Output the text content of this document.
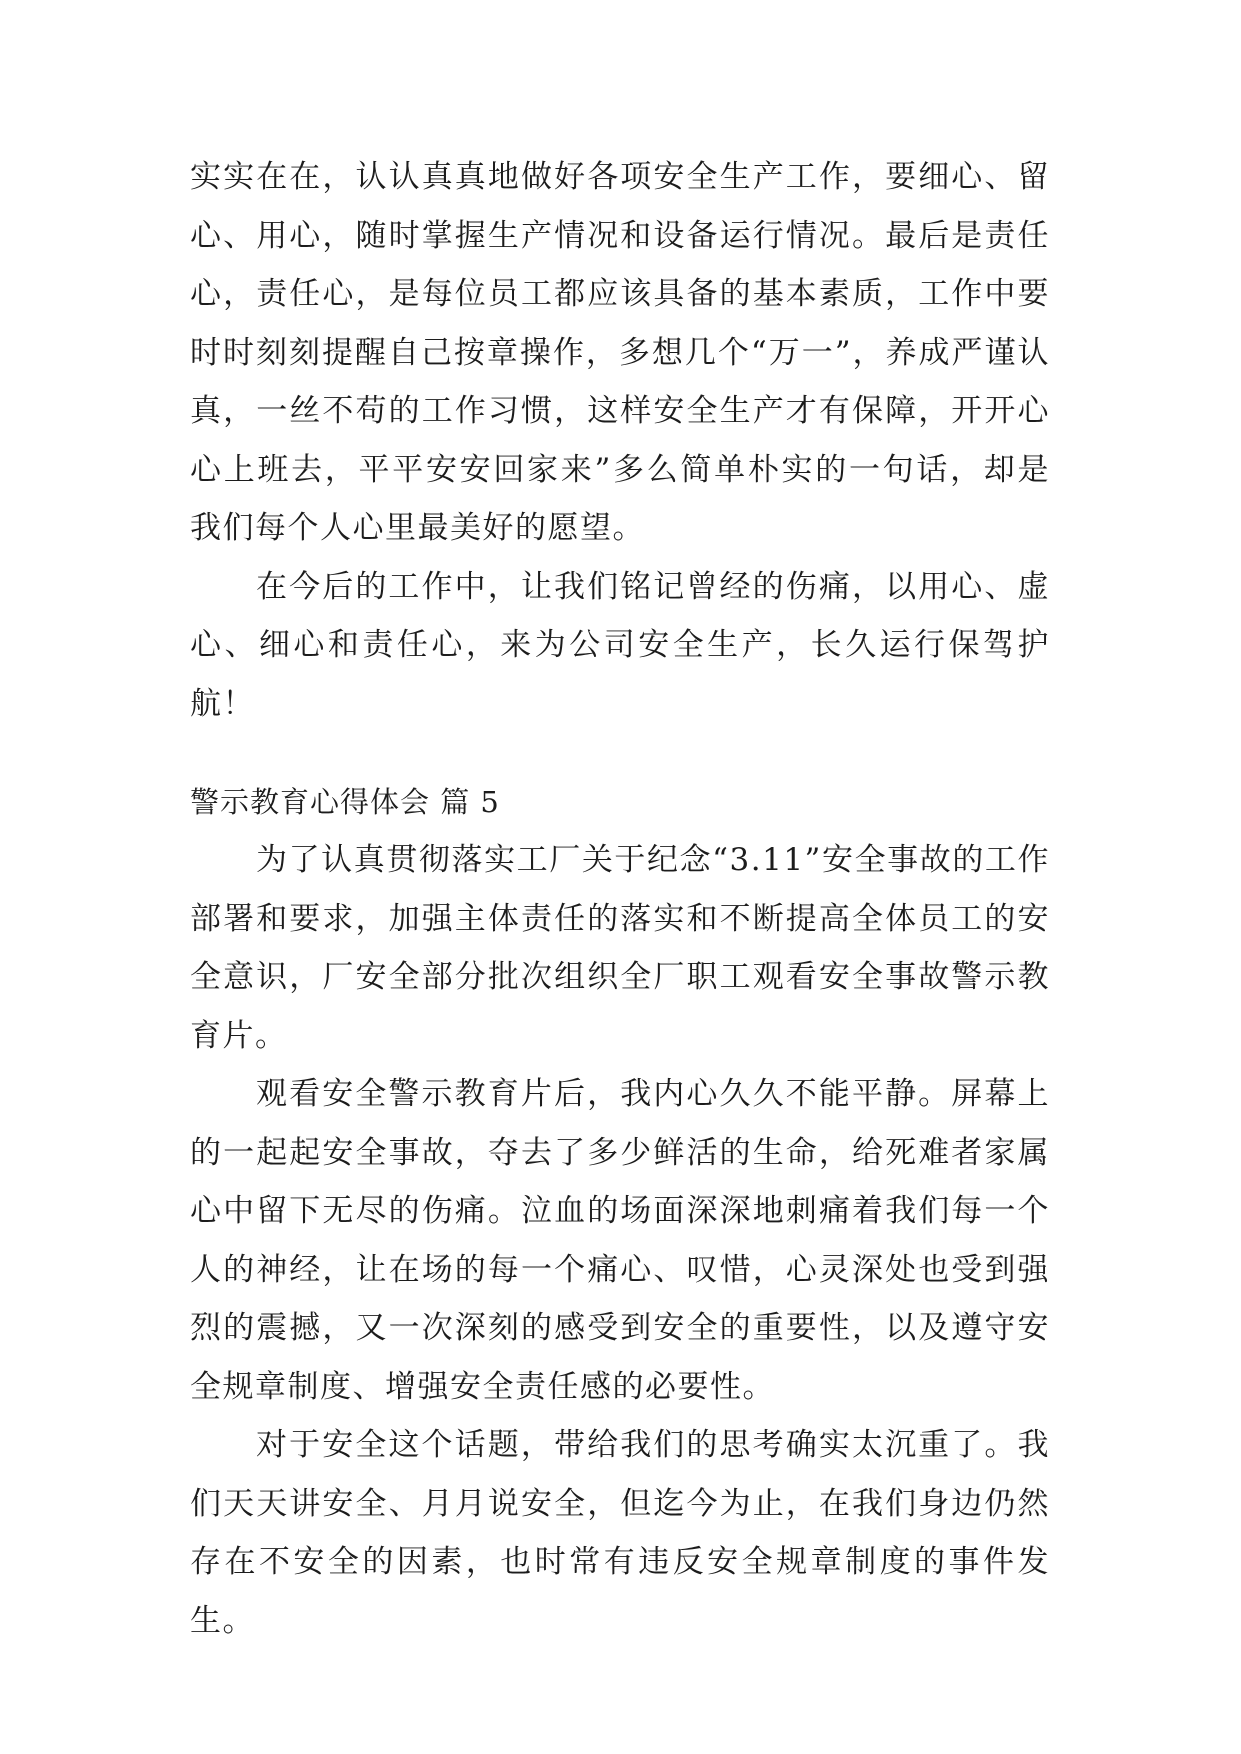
实实在在，认认真真地做好各项安全生产工作，要细心、留心、用心，随时掌握生产情况和设备运行情况。最后是责任心，责任心，是每位员工都应该具备的基本素质，工作中要时时刻刻提醒自己按章操作，多想几个“万一”，养成严谨认真，一丝不苟的工作习惯，这样安全生产才有保障，开开心心上班去，平平安安回家来”多么简单朴实的一句话，却是我们每个人心里最美好的愿望。

在今后的工作中，让我们铭记曾经的伤痛，以用心、虚心、细心和责任心，来为公司安全生产，长久运行保驾护航！

警示教育心得体会 篇 5

为了认真贯彻落实工厂关于纪念“3.11”安全事故的工作部署和要求，加强主体责任的落实和不断提高全体员工的安全意识，厂安全部分批次组织全厂职工观看安全事故警示教育片。

观看安全警示教育片后，我内心久久不能平静。屏幕上的一起起安全事故，夺去了多少鲜活的生命，给死难者家属心中留下无尽的伤痛。泣血的场面深深地刺痛着我们每一个人的神经，让在场的每一个痛心、叹惜，心灵深处也受到强烈的震撼，又一次深刻的感受到安全的重要性，以及遵守安全规章制度、增强安全责任感的必要性。

对于安全这个话题，带给我们的思考确实太沉重了。我们天天讲安全、月月说安全，但迄今为止，在我们身边仍然存在不安全的因素，也时常有违反安全规章制度的事件发生。
